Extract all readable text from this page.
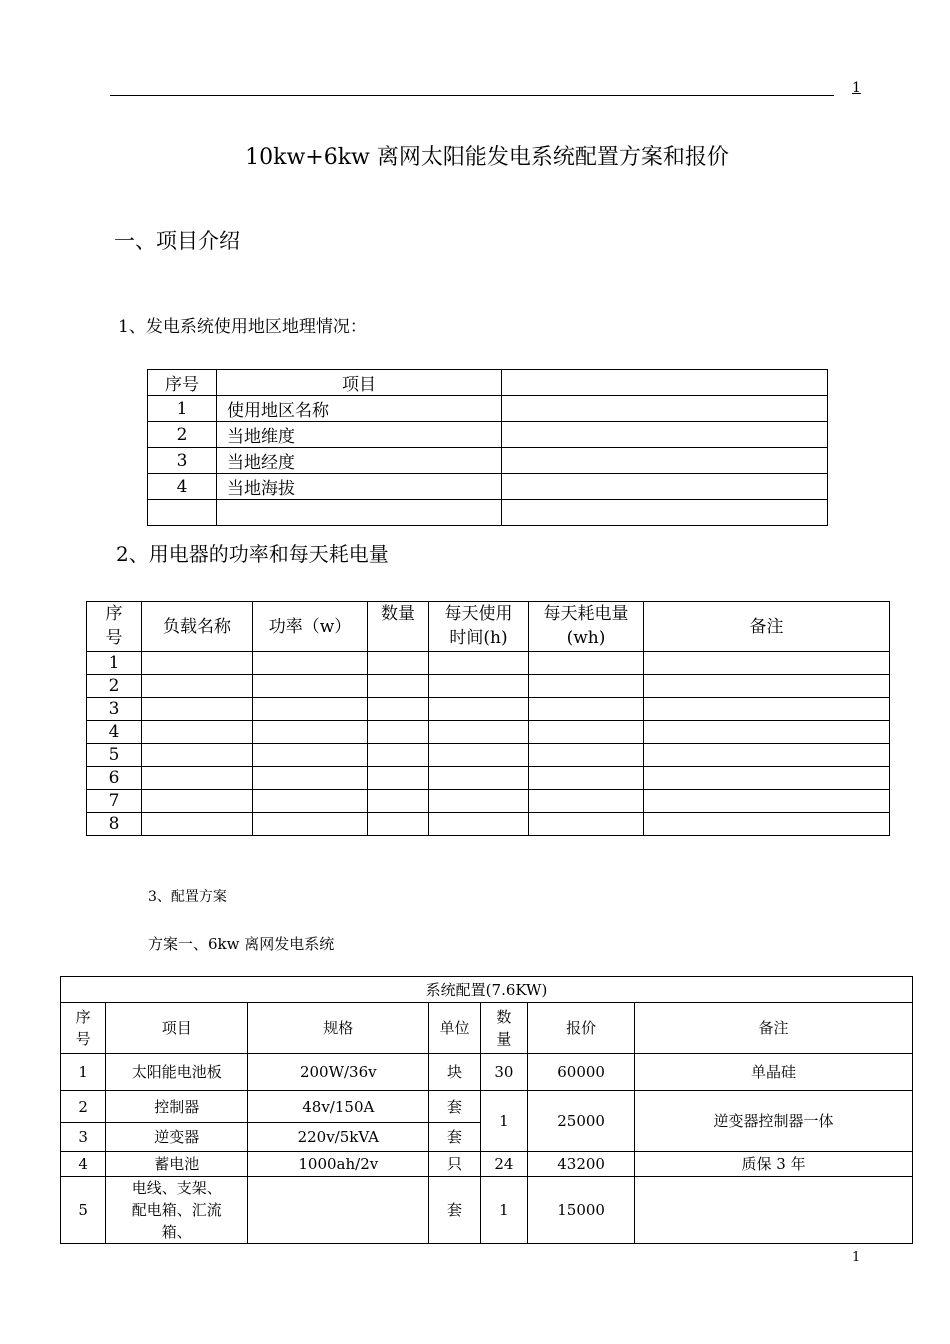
1
10kw+6kw 离网太阳能发电系统配置方案和报价
一、项目介绍
1、发电系统使用地区地理情况：
序号	项目	
1	使用地区名称	
2	当地维度	
3	当地经度	
4	当地海拔	

2、用电器的功率和每天耗电量
序号	负载名称	功率（w）	数量	每天使用时间(h)	每天耗电量(wh)	备注
1						
2						
3						
4						
5						
6						
7						
8						
3、配置方案
方案一、6kw 离网发电系统
系统配置(7.6KW)						
序号	项目	规格	单位	数量	报价	备注
1	太阳能电池板	200W/36v	块	30	60000	单晶硅
2	控制器	48v/150A	套	1	25000	逆变器控制器一体
3	逆变器	220v/5kVA	套			
4	蓄电池	1000ah/2v	只	24	43200	质保 3 年
5	电线、支架、配电箱、汇流箱、		套	1	15000	
1
